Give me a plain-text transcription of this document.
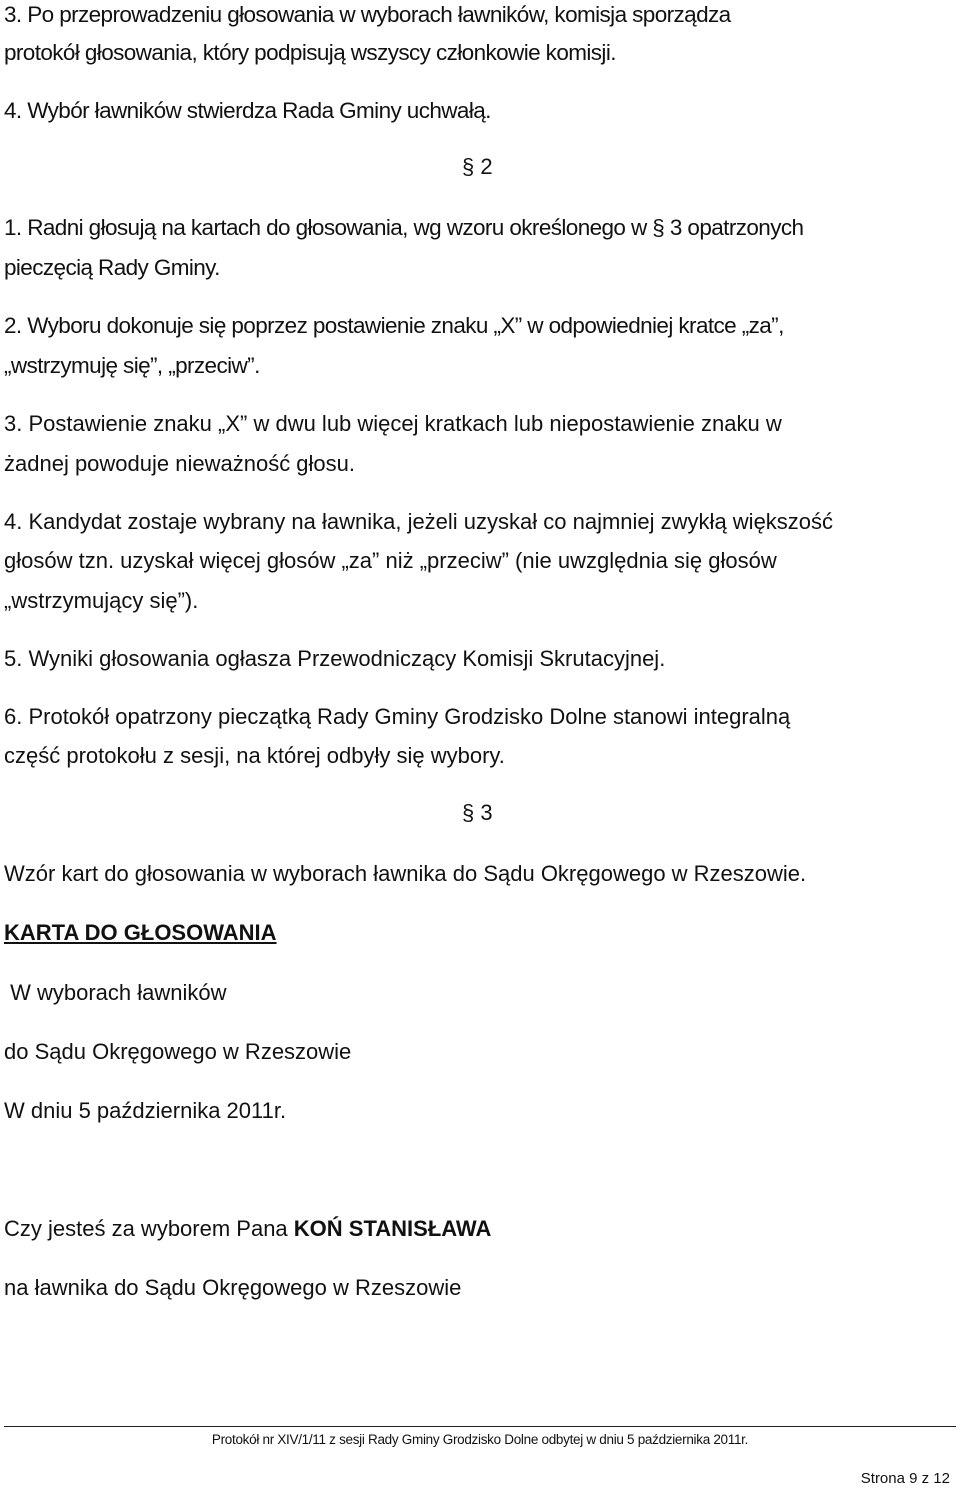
3. Po przeprowadzeniu głosowania w wyborach ławników, komisja sporządza
protokół głosowania, który podpisują wszyscy członkowie komisji.
4. Wybór ławników stwierdza Rada Gminy uchwałą.
§ 2
1. Radni głosują na kartach do głosowania, wg wzoru określonego w § 3 opatrzonych
pieczęcią Rady Gminy.
2. Wyboru dokonuje się poprzez postawienie znaku „X” w odpowiedniej kratce „za”,
„wstrzymuję się”, „przeciw”.
3. Postawienie znaku „X” w dwu lub więcej kratkach lub niepostawienie znaku w
żadnej powoduje nieważność głosu.
4. Kandydat zostaje wybrany na ławnika, jeżeli uzyskał co najmniej zwykłą większość
głosów tzn. uzyskał więcej głosów „za” niż „przeciw” (nie uwzględnia się głosów
„wstrzymujący się”).
5. Wyniki głosowania ogłasza Przewodniczący Komisji Skrutacyjnej.
6. Protokół opatrzony pieczątką Rady Gminy Grodzisko Dolne stanowi integralną
część protokołu z sesji, na której odbyły się wybory.
§ 3
Wzór kart do głosowania w wyborach ławnika do Sądu Okręgowego w Rzeszowie.
KARTA DO GŁOSOWANIA
W wyborach ławników
do Sądu Okręgowego w Rzeszowie
W dniu 5 października 2011r.
Czy jesteś za wyborem Pana KOŃ STANISŁAWA
na ławnika do Sądu Okręgowego w Rzeszowie
Protokół nr XIV/1/11 z sesji Rady Gminy Grodzisko Dolne odbytej w dniu 5 października 2011r.
Strona 9 z 12
